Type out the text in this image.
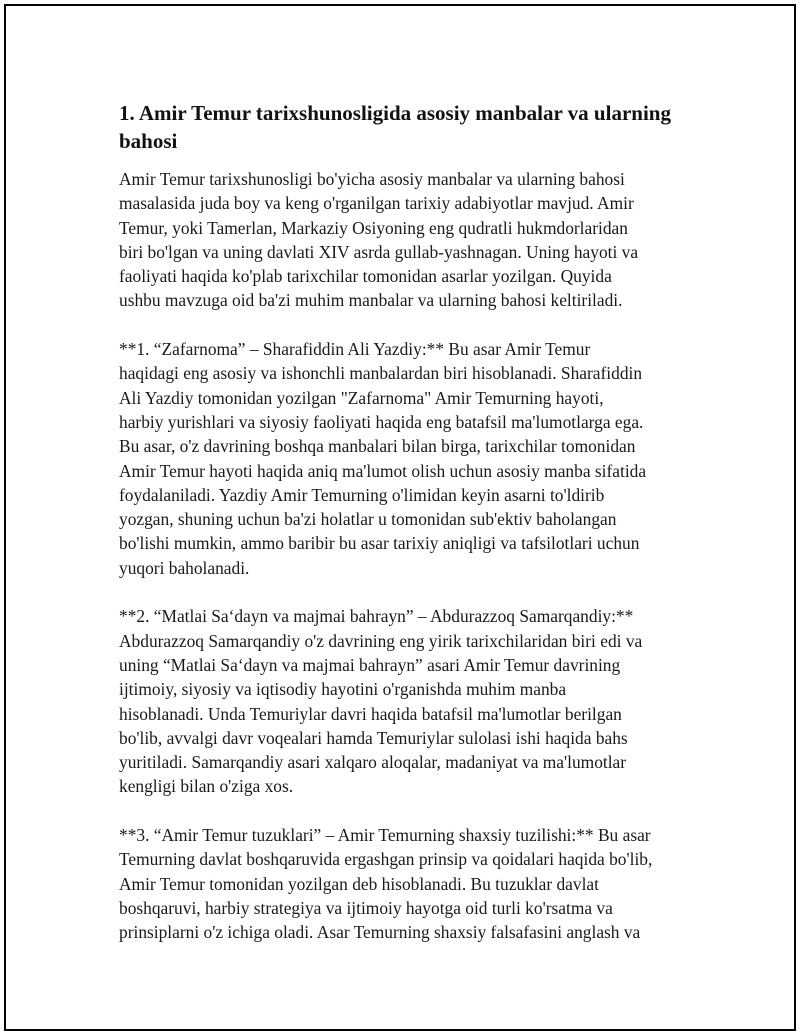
1. Amir Temur tarixshunosligida asosiy manbalar va ularning
bahosi

Amir Temur tarixshunosligi bo'yicha asosiy manbalar va ularning bahosi
masalasida juda boy va keng o'rganilgan tarixiy adabiyotlar mavjud. Amir
Temur, yoki Tamerlan, Markaziy Osiyoning eng qudratli hukmdorlaridan
biri bo'lgan va uning davlati XIV asrda gullab-yashnagan. Uning hayoti va
faoliyati haqida ko'plab tarixchilar tomonidan asarlar yozilgan. Quyida
ushbu mavzuga oid ba'zi muhim manbalar va ularning bahosi keltiriladi.

**1. “Zafarnoma” – Sharafiddin Ali Yazdiy:** Bu asar Amir Temur
haqidagi eng asosiy va ishonchli manbalardan biri hisoblanadi. Sharafiddin
Ali Yazdiy tomonidan yozilgan "Zafarnoma" Amir Temurning hayoti,
harbiy yurishlari va siyosiy faoliyati haqida eng batafsil ma'lumotlarga ega.
Bu asar, o'z davrining boshqa manbalari bilan birga, tarixchilar tomonidan
Amir Temur hayoti haqida aniq ma'lumot olish uchun asosiy manba sifatida
foydalaniladi. Yazdiy Amir Temurning o'limidan keyin asarni to'ldirib
yozgan, shuning uchun ba'zi holatlar u tomonidan sub'ektiv baholangan
bo'lishi mumkin, ammo baribir bu asar tarixiy aniqligi va tafsilotlari uchun
yuqori baholanadi.

**2. “Matlai Sa‘dayn va majmai bahrayn” – Abdurazzoq Samarqandiy:**
Abdurazzoq Samarqandiy o'z davrining eng yirik tarixchilaridan biri edi va
uning “Matlai Sa‘dayn va majmai bahrayn” asari Amir Temur davrining
ijtimoiy, siyosiy va iqtisodiy hayotini o'rganishda muhim manba
hisoblanadi. Unda Temuriylar davri haqida batafsil ma'lumotlar berilgan
bo'lib, avvalgi davr voqealari hamda Temuriylar sulolasi ishi haqida bahs
yuritiladi. Samarqandiy asari xalqaro aloqalar, madaniyat va ma'lumotlar
kengligi bilan o'ziga xos.

**3. “Amir Temur tuzuklari” – Amir Temurning shaxsiy tuzilishi:** Bu asar
Temurning davlat boshqaruvida ergashgan prinsip va qoidalari haqida bo'lib,
Amir Temur tomonidan yozilgan deb hisoblanadi. Bu tuzuklar davlat
boshqaruvi, harbiy strategiya va ijtimoiy hayotga oid turli ko'rsatma va
prinsiplarni o'z ichiga oladi. Asar Temurning shaxsiy falsafasini anglash va
